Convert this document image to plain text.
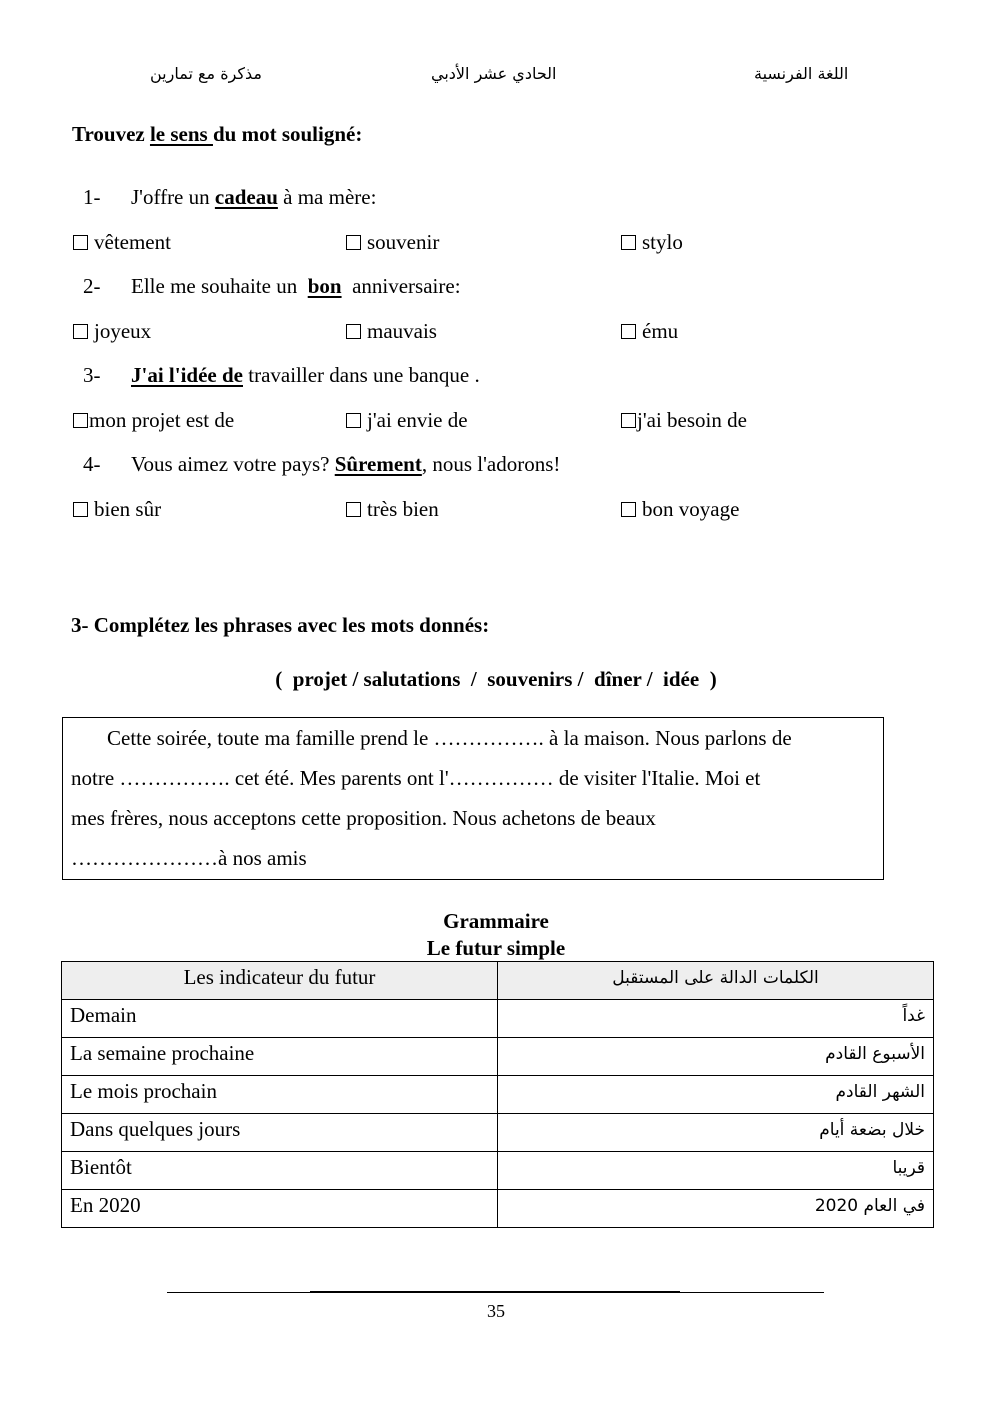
اللغة الفرنسية
الحادي عشر الأدبي
مذكرة مع تمارين
Trouvez le sens du mot souligné:
1- J'offre un cadeau à ma mère:
vêtement	souvenir	stylo
2- Elle me souhaite un  bon  anniversaire:
joyeux	mauvais	ému
3- J'ai l'idée de travailler dans une banque .
mon projet est de	j'ai envie de	j'ai besoin de
4- Vous aimez votre pays? Sûrement, nous l'adorons!
bien sûr	très bien	bon voyage
3- Complétez les phrases avec les mots donnés:
(  projet / salutations  /  souvenirs /  dîner /  idée  )

Cette soirée, toute ma famille prend le ……………. à la maison. Nous parlons de

notre ……………. cet été. Mes parents ont l'…………… de visiter l'Italie. Moi et

mes frères, nous acceptons cette proposition. Nous achetons de beaux

…………………à nos amis

Grammaire
Le futur simple
Les indicateur du futur	الكلمات الدالة على المستقبل
Demain	غداً
La semaine prochaine	الأسبوع القادم
Le mois prochain	الشهر القادم
Dans quelques jours	خلال بضعة أيام
Bientôt	قريبا
En 2020	في العام 2020
35
